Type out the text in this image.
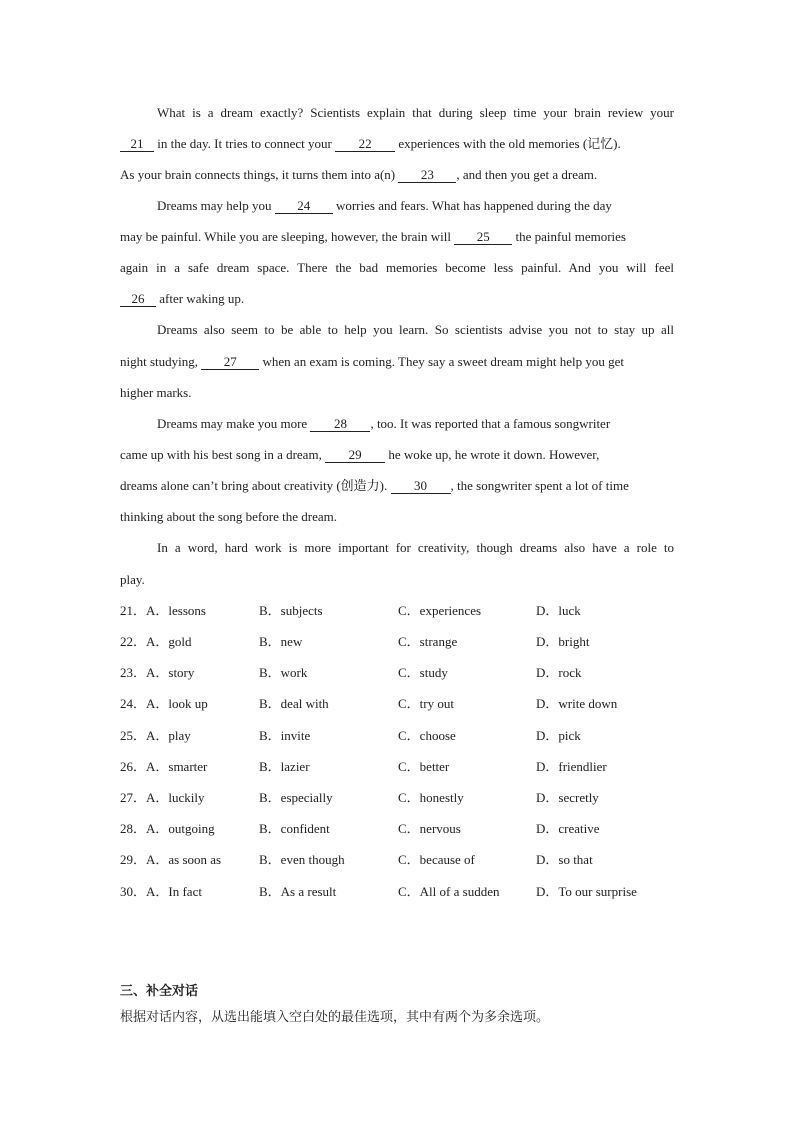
What is a dream exactly? Scientists explain that during sleep time your brain review your
21 in the day. It tries to connect your 22 experiences with the old memories (记忆).
As your brain connects things, it turns them into a(n) 23 , and then you get a dream.
Dreams may help you 24 worries and fears. What has happened during the day
may be painful. While you are sleeping, however, the brain will 25 the painful memories
again in a safe dream space. There the bad memories become less painful. And you will feel
26 after waking up.
Dreams also seem to be able to help you learn. So scientists advise you not to stay up all
night studying, 27 when an exam is coming. They say a sweet dream might help you get
higher marks.
Dreams may make you more 28 , too. It was reported that a famous songwriter
came up with his best song in a dream, 29 he woke up, he wrote it down. However,
dreams alone can’t bring about creativity (创造力). 30 , the songwriter spent a lot of time
thinking about the song before the dream.
In a word, hard work is more important for creativity, though dreams also have a role to
play.
21．A．lessons	B．subjects	C．experiences	D．luck
22．A．gold	B．new	C．strange	D．bright
23．A．story	B．work	C．study	D．rock
24．A．look up	B．deal with	C．try out	D．write down
25．A．play	B．invite	C．choose	D．pick
26．A．smarter	B．lazier	C．better	D．friendlier
27．A．luckily	B．especially	C．honestly	D．secretly
28．A．outgoing	B．confident	C．nervous	D．creative
29．A．as soon as	B．even though	C．because of	D．so that
30．A．In fact	B．As a result	C．All of a sudden	D．To our surprise
三、补全对话
根据对话内容，从选出能填入空白处的最佳选项，其中有两个为多余选项。
